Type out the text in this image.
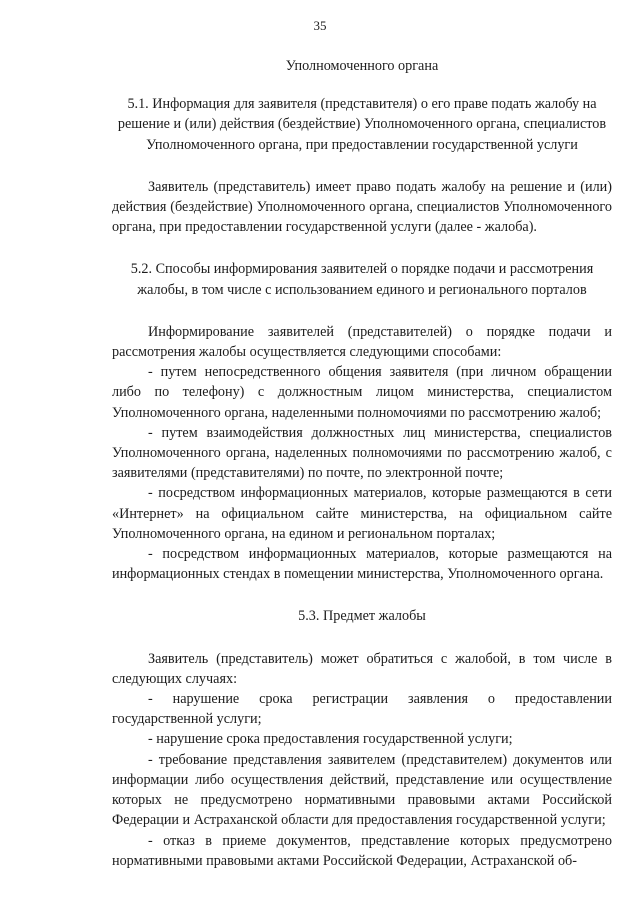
35

Уполномоченного органа

5.1. Информация для заявителя (представителя) о его праве подать жалобу на решение и (или) действия (бездействие) Уполномоченного органа, специалистов Уполномоченного органа, при предоставлении государственной услуги

Заявитель (представитель) имеет право подать жалобу на решение и (или) действия (бездействие) Уполномоченного органа, специалистов Уполномоченного органа, при предоставлении государственной услуги (далее - жалоба).

5.2. Способы информирования заявителей о порядке подачи и рассмотрения жалобы, в том числе с использованием единого и регионального порталов

Информирование заявителей (представителей) о порядке подачи и рассмотрения жалобы осуществляется следующими способами:

- путем непосредственного общения заявителя (при личном обращении либо по телефону) с должностным лицом министерства, специалистом Уполномоченного органа, наделенными полномочиями по рассмотрению жалоб;

- путем взаимодействия должностных лиц министерства, специалистов Уполномоченного органа, наделенных полномочиями по рассмотрению жалоб, с заявителями (представителями) по почте, по электронной почте;

- посредством информационных материалов, которые размещаются в сети «Интернет» на официальном сайте министерства, на официальном сайте Уполномоченного органа, на едином и региональном порталах;

- посредством информационных материалов, которые размещаются на информационных стендах в помещении министерства, Уполномоченного органа.

5.3. Предмет жалобы

Заявитель (представитель) может обратиться с жалобой, в том числе в следующих случаях:

- нарушение срока регистрации заявления о предоставлении государственной услуги;

- нарушение срока предоставления государственной услуги;

- требование представления заявителем (представителем) документов или информации либо осуществления действий, представление или осуществление которых не предусмотрено нормативными правовыми актами Российской Федерации и Астраханской области для предоставления государственной услуги;

- отказ в приеме документов, представление которых предусмотрено нормативными правовыми актами Российской Федерации, Астраханской об-
